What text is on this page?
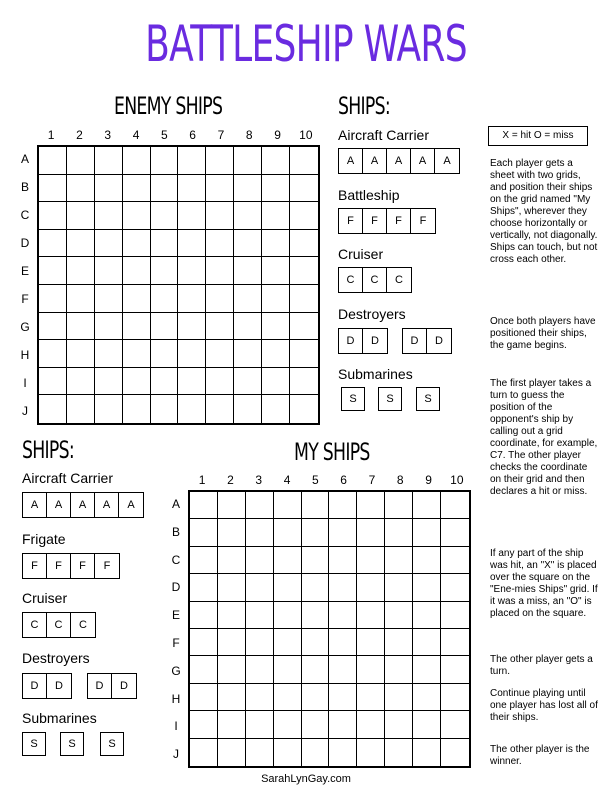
BATTLESHIP WARS
ENEMY SHIPS
1	2	3	4	5	6	7	8	9	10
A
B
C
D
E
F
G
H
I
J
MY SHIPS
1	2	3	4	5	6	7	8	9	10
A
B
C
D
E
F
G
H
I
J
SHIPS:
Aircraft Carrier
A	A	A	A	A
Battleship
F	F	F	F
Cruiser
C	C	C
Destroyers
D	D	D	D
Submarines
S	S	S
SHIPS:
Aircraft Carrier
A	A	A	A	A
Frigate
F	F	F	F
Cruiser
C	C	C
Destroyers
D	D	D	D
Submarines
S	S	S
X = hit O = miss
Each player gets a sheet with two grids, and position their ships on the grid named "My Ships", wherever they choose horizontally or vertically, not diagonally. Ships can touch, but not cross each other.
Once both players have positioned their ships, the game begins.
The first player takes a turn to guess the position of the opponent's ship by calling out a grid coordinate, for example, C7. The other player checks the coordinate on their grid and then declares a hit or miss.
If any part of the ship was hit, an "X" is placed over the square on the "Ene-mies Ships" grid. If it was a miss, an "O" is placed on the square.
The other player gets a turn.
Continue playing until one player has lost all of their ships.
The other player is the winner.
SarahLynGay.com
